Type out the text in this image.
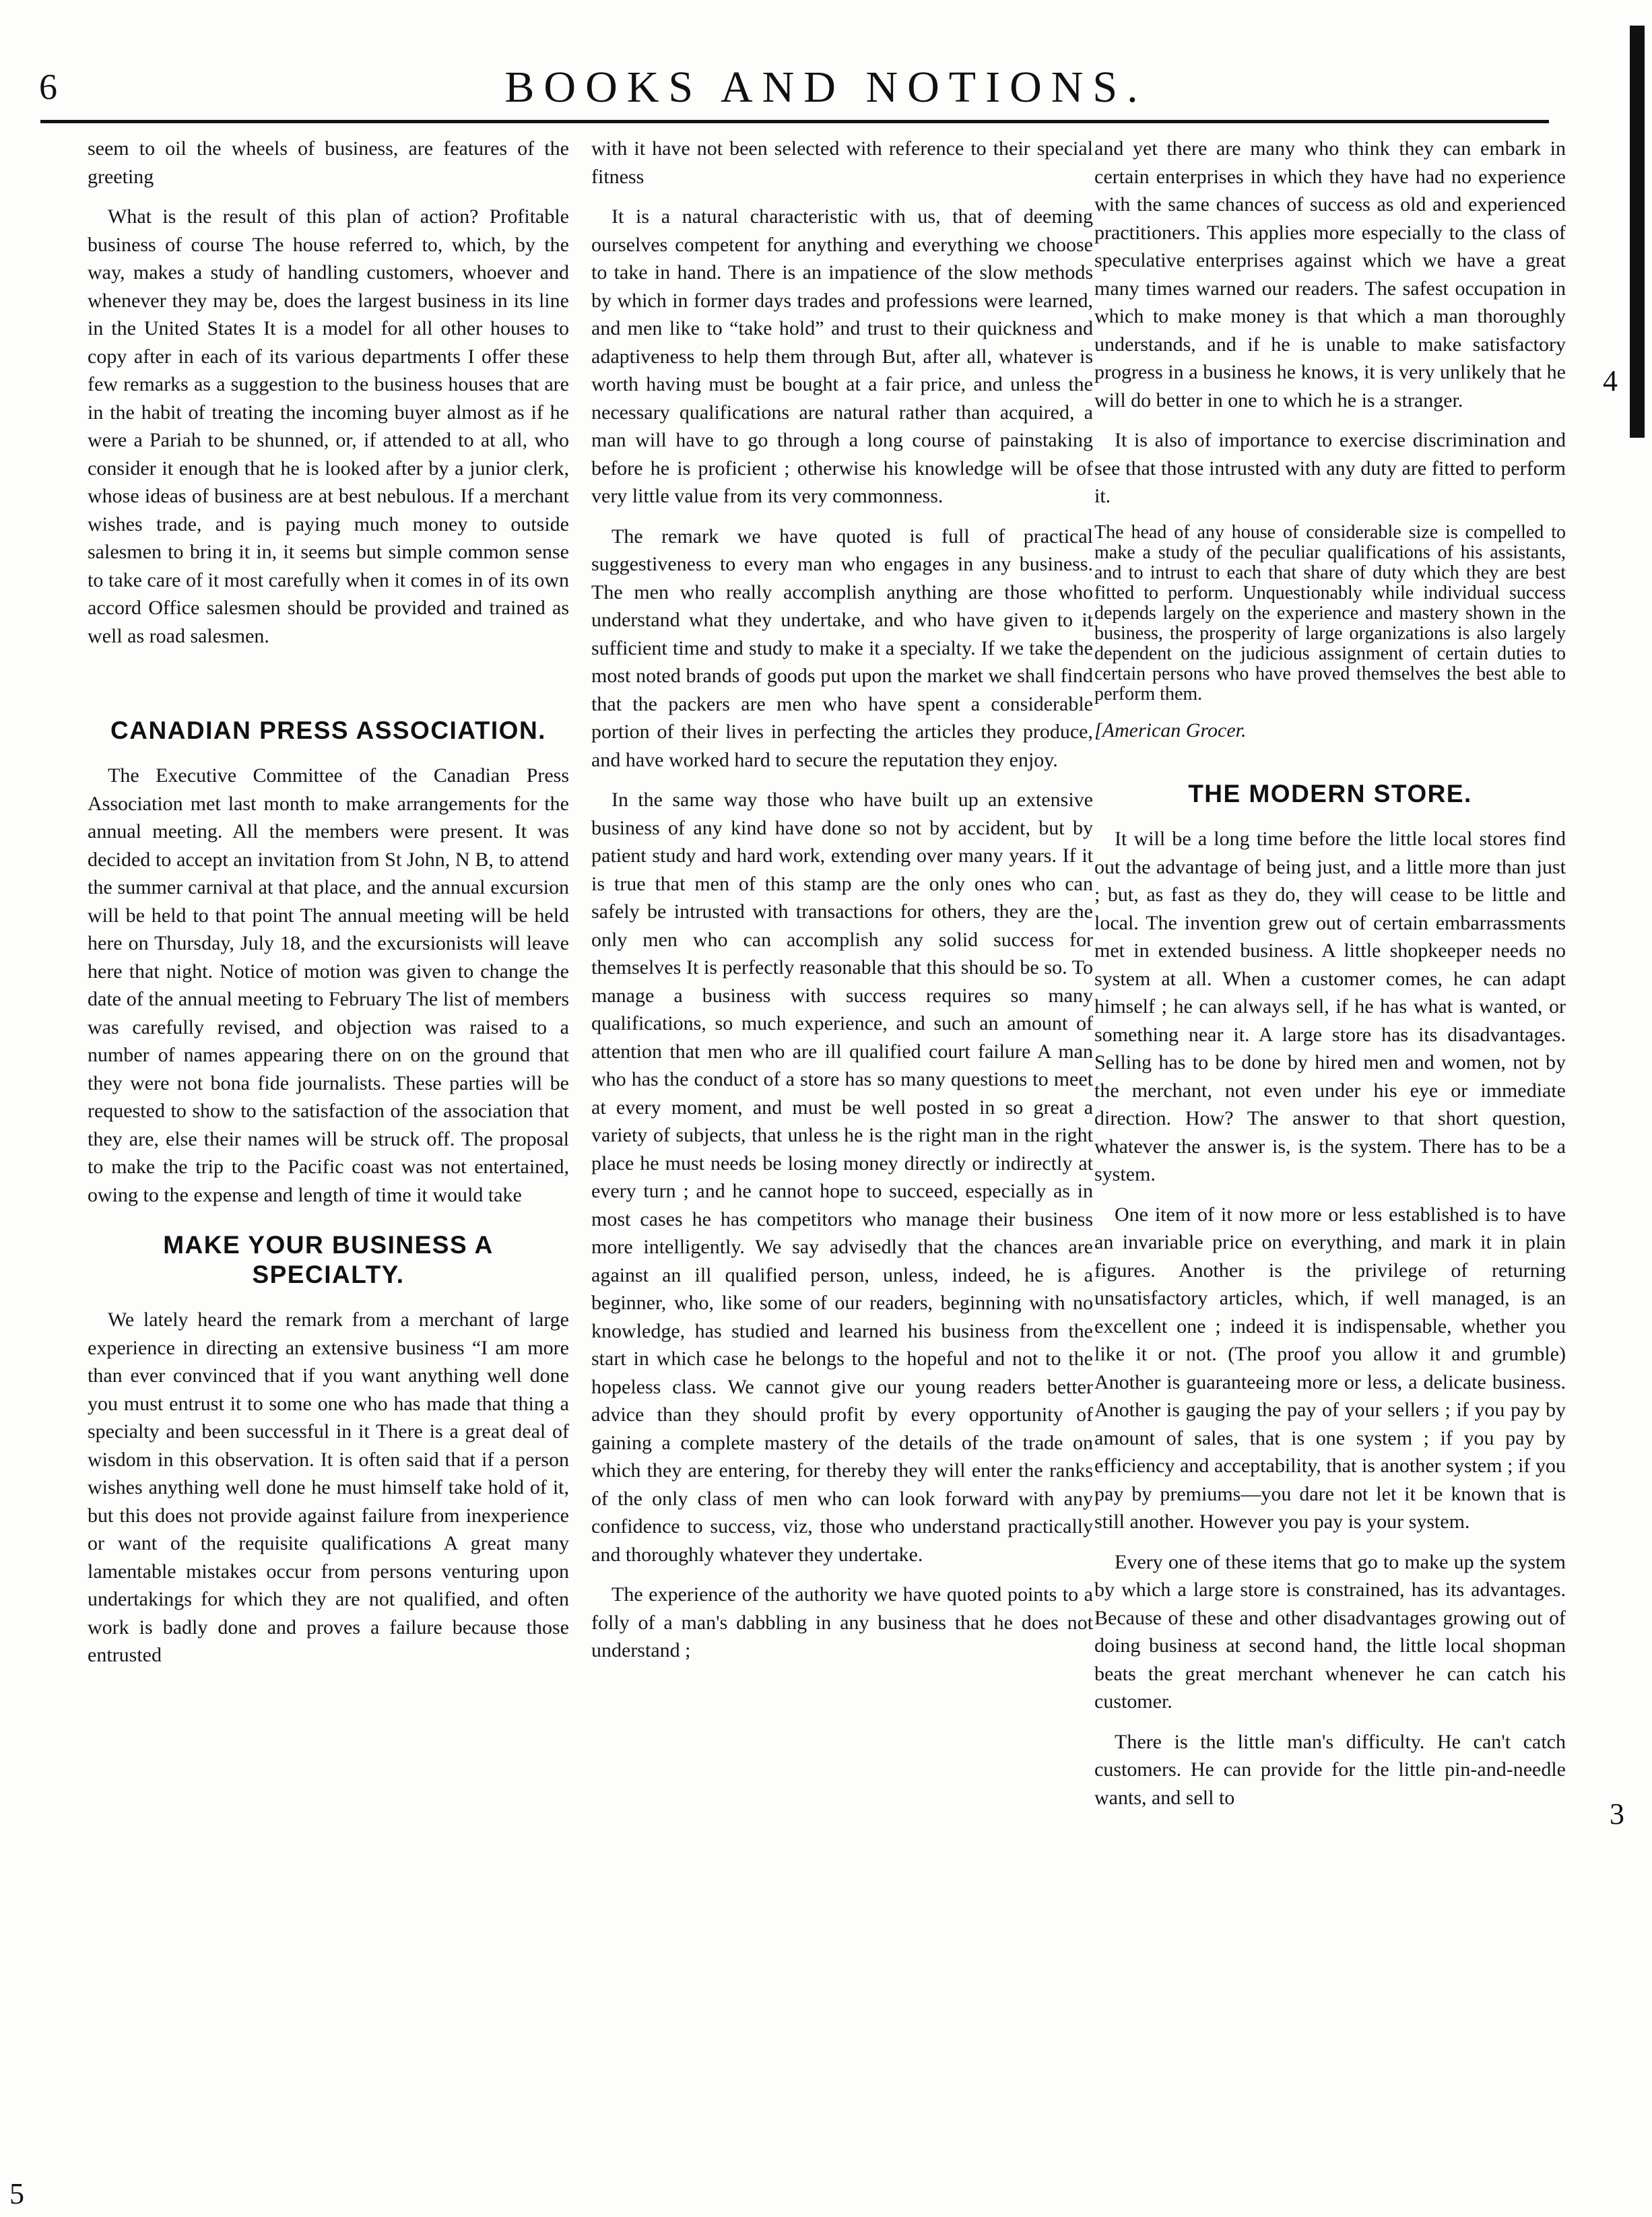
6	BOOKS AND NOTIONS.
4
3
5

seem to oil the wheels of business, are features of the greeting

What is the result of this plan of action? Profitable business of course The house referred to, which, by the way, makes a study of handling customers, whoever and whenever they may be, does the largest business in its line in the United States It is a model for all other houses to copy after in each of its various departments I offer these few remarks as a suggestion to the business houses that are in the habit of treating the incoming buyer almost as if he were a Pariah to be shunned, or, if attended to at all, who consider it enough that he is looked after by a junior clerk, whose ideas of business are at best nebulous. If a merchant wishes trade, and is paying much money to outside salesmen to bring it in, it seems but simple common sense to take care of it most carefully when it comes in of its own accord Office salesmen should be provided and trained as well as road salesmen.

CANADIAN PRESS ASSOCIATION.

The Executive Committee of the Canadian Press Association met last month to make arrangements for the annual meeting. All the members were present. It was decided to accept an invitation from St John, N B, to attend the summer carnival at that place, and the annual excursion will be held to that point The annual meeting will be held here on Thursday, July 18, and the excursionists will leave here that night. Notice of motion was given to change the date of the annual meeting to February The list of members was carefully revised, and objection was raised to a number of names appearing there on on the ground that they were not bona fide journalists. These parties will be requested to show to the satisfaction of the association that they are, else their names will be struck off. The proposal to make the trip to the Pacific coast was not entertained, owing to the expense and length of time it would take

MAKE YOUR BUSINESS A SPECIALTY.

We lately heard the remark from a merchant of large experience in directing an extensive business “I am more than ever convinced that if you want anything well done you must entrust it to some one who has made that thing a specialty and been successful in it There is a great deal of wisdom in this observation. It is often said that if a person wishes anything well done he must himself take hold of it, but this does not provide against failure from inexperience or want of the requisite qualifications A great many lamentable mistakes occur from persons venturing upon undertakings for which they are not qualified, and often work is badly done and proves a failure because those entrusted

with it have not been selected with reference to their special fitness

It is a natural characteristic with us, that of deeming ourselves competent for anything and everything we choose to take in hand. There is an impatience of the slow methods by which in former days trades and professions were learned, and men like to “take hold” and trust to their quickness and adaptiveness to help them through But, after all, whatever is worth having must be bought at a fair price, and unless the necessary qualifications are natural rather than acquired, a man will have to go through a long course of painstaking before he is proficient ; otherwise his knowledge will be of very little value from its very commonness.

The remark we have quoted is full of practical suggestiveness to every man who engages in any business. The men who really accomplish anything are those who understand what they undertake, and who have given to it sufficient time and study to make it a specialty. If we take the most noted brands of goods put upon the market we shall find that the packers are men who have spent a considerable portion of their lives in perfecting the articles they produce, and have worked hard to secure the reputation they enjoy.

In the same way those who have built up an extensive business of any kind have done so not by accident, but by patient study and hard work, extending over many years. If it is true that men of this stamp are the only ones who can safely be intrusted with transactions for others, they are the only men who can accomplish any solid success for themselves It is perfectly reasonable that this should be so. To manage a business with success requires so many qualifications, so much experience, and such an amount of attention that men who are ill qualified court failure A man who has the conduct of a store has so many questions to meet at every moment, and must be well posted in so great a variety of subjects, that unless he is the right man in the right place he must needs be losing money directly or indirectly at every turn ; and he cannot hope to succeed, especially as in most cases he has competitors who manage their business more intelligently. We say advisedly that the chances are against an ill qualified person, unless, indeed, he is a beginner, who, like some of our readers, beginning with no knowledge, has studied and learned his business from the start in which case he belongs to the hopeful and not to the hopeless class. We cannot give our young readers better advice than they should profit by every opportunity of gaining a complete mastery of the details of the trade on which they are entering, for thereby they will enter the ranks of the only class of men who can look forward with any confidence to success, viz, those who understand practically and thoroughly whatever they undertake.

The experience of the authority we have quoted points to a folly of a man's dabbling in any business that he does not understand ;

and yet there are many who think they can embark in certain enterprises in which they have had no experience with the same chances of success as old and experienced practitioners. This applies more especially to the class of speculative enterprises against which we have a great many times warned our readers. The safest occupation in which to make money is that which a man thoroughly understands, and if he is unable to make satisfactory progress in a business he knows, it is very unlikely that he will do better in one to which he is a stranger.

It is also of importance to exercise discrimination and see that those intrusted with any duty are fitted to perform it.

The head of any house of considerable size is compelled to make a study of the peculiar qualifications of his assistants, and to intrust to each that share of duty which they are best fitted to perform. Unquestionably while individual success depends largely on the experience and mastery shown in the business, the prosperity of large organizations is also largely dependent on the judicious assignment of certain duties to certain persons who have proved themselves the best able to perform them.

[American Grocer.

THE MODERN STORE.

It will be a long time before the little local stores find out the advantage of being just, and a little more than just ; but, as fast as they do, they will cease to be little and local. The invention grew out of certain embarrassments met in extended business. A little shopkeeper needs no system at all. When a customer comes, he can adapt himself ; he can always sell, if he has what is wanted, or something near it. A large store has its disadvantages. Selling has to be done by hired men and women, not by the merchant, not even under his eye or immediate direction. How? The answer to that short question, whatever the answer is, is the system. There has to be a system.

One item of it now more or less established is to have an invariable price on everything, and mark it in plain figures. Another is the privilege of returning unsatisfactory articles, which, if well managed, is an excellent one ; indeed it is indispensable, whether you like it or not. (The proof you allow it and grumble) Another is guaranteeing more or less, a delicate business. Another is gauging the pay of your sellers ; if you pay by amount of sales, that is one system ; if you pay by efficiency and acceptability, that is another system ; if you pay by premiums—you dare not let it be known that is still another. However you pay is your system.

Every one of these items that go to make up the system by which a large store is constrained, has its advantages. Because of these and other disadvantages growing out of doing business at second hand, the little local shopman beats the great merchant whenever he can catch his customer.

There is the little man's difficulty. He can't catch customers. He can provide for the little pin-and-needle wants, and sell to
